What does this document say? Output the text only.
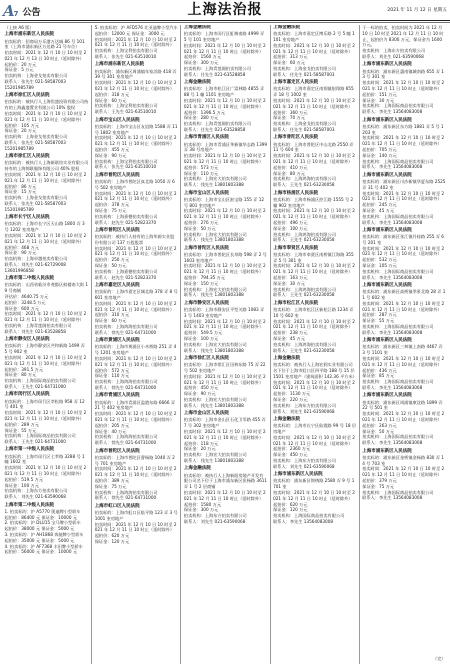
A 7 公告	上海法治报	2021 年 11 月 12 日 星期五

（上接 A6 版）

上海市浦东新区人民法院

拍卖标的：招商局万乐港万达城 86 号 101 室（上海市浦东新区万达路 21 号车位）

拍卖时间：2021 年 12 月 10 日 10 时至 2021 年 12 月 13 日 10 时止（延时除外）

起拍价：20 万元

保证金：5 万元

拍卖机构：上海金戈拍卖有限公司

联系人：张先生 021-58587003

15201985789

上海市徐汇区人民法院

拍卖标的：被执行人上海恒盛投资有限公司持有的上海鑫盛置业有限公司 10% 股权

拍卖时间：2021 年 12 月 10 日 10 时至 2021 年 12 月 11 日 10 时止（延时除外）

起拍价：105 万元

保证金：20 万元

拍卖机构：上海金戈拍卖有限公司

联系人：张先生 021-58587003

15201985789

上海市徐汇区人民法院

拍卖标的：被执行人上海新联纺实业有限公司持有的上海锦联服饰有限公司 40% 股权

拍卖时间：2021 年 12 月 10 日 10 时至 2021 年 12 月 11 日 10 时止（延时除外）

起拍价：86 万元

保证金：15 万元

拍卖机构：上海金戈拍卖有限公司

联系人：张先生 021-58587003

15201985789

上海市长宁区人民法院

拍卖标的：上海市长宁区天山路 1800 弄 3 号 1202 室房地产

拍卖时间：2021 年 12 月 10 日 10 时至 2021 年 12 月 11 日 10 时止（延时除外）

起拍价：468 万元

保证金：90 万元

拍卖机构：上海卓越拍卖有限公司

联系人：刘先生 021-62729008

13601996858

上海市第二中级人民法院

拍卖标的：山西省临汾市尧都区鼓楼南大街 19 号商铺

评估价：4640.75 万元

起拍价：3248.5 万元

保证金：600 万元

拍卖时间：2021 年 12 月 10 日 10 时至 2021 年 12 月 11 日 10 时止（延时除外）

拍卖机构：上海青莲阁拍卖有限公司

联系人：刘先生 021-63528858

上海市静安区人民法院

拍卖标的：上海市静安区共和新路 1499 弄 5 号 902 室

拍卖时间：2021 年 12 月 10 日 10 时至 2021 年 12 月 11 日 10 时止（延时除外）

起拍价：391.5 万元

保证金：80 万元

拍卖机构：上海国际商品拍卖有限公司

联系人：王先生 021-64731000

上海市闵行区人民法院

拍卖标的：上海市闵行区莘松路 958 弄 12 号 401 室

拍卖时间：2021 年 12 月 10 日 10 时至 2021 年 12 月 11 日 10 时止（延时除外）

起拍价：289 万元

保证金：55 万元

拍卖机构：上海国际商品拍卖有限公司

联系人：王先生 021-64731000

上海市第一中级人民法院

拍卖标的：上海市闵行区七莘路 3288 号 1 幢 1602 室

拍卖时间：2021 年 12 月 10 日 10 时至 2021 年 12 月 11 日 10 时止（延时除外）

起拍价：519.5 万元

保证金：100 万元

拍卖机构：上海东方拍卖有限公司

联系人：刘先生 021-63590068

上海市第二中级人民法院

1. 拍卖标的：沪 A5770 奥迪牌小型轿车

起拍价：86400 元 保证金：10000 元

2. 拍卖标的：沪 DLU15 宝马牌小型轿车

起拍价：38000 元 保证金：5000 元

3. 拍卖标的：沪 AH1868 奔驰牌小型轿车

起拍价：35000 元 保证金：5000 元

4. 拍卖标的：沪 AF7368 丰田牌小型轿车

起拍价：56000 元 保证金：10000 元

5. 拍卖标的：沪 AFD576 比亚迪牌小型汽车

起拍价：12000 元 保证金：3000 元

拍卖时间：2021 年 12 月 10 日 10 时至 2021 年 12 月 11 日 10 时止（延时除外）

拍卖机构：上海宝利拍卖有限公司

联系人：张先生 021-63510010

上海市浦东新区人民法院

拍卖标的：浦东新区周浦镇年家浜路 418 弄 39 号 301 室房地产

拍卖时间：2021 年 12 月 10 日 10 时至 2021 年 12 月 11 日 10 时止（延时除外）

起拍价：318 万元

保证金：60 万元

拍卖机构：上海宝利拍卖有限公司

联系人：王先生 021-63510010

上海市宝山区人民法院

拍卖标的：上海市宝山区友谊路 1588 弄 11 号 1802 室房地产

拍卖时间：2021 年 12 月 10 日 10 时至 2021 年 12 月 11 日 10 时止（延时除外）

起拍价：455 万元

保证金：90 万元

拍卖机构：上海宝利拍卖有限公司

联系人：张先生 021-63510010

上海市普陀区人民法院

拍卖标的：上海市普陀区真北路 1050 弄 6 号 502 室房地产

拍卖时间：2021 年 12 月 10 日 10 时至 2021 年 12 月 11 日 10 时止（延时除外）

起拍价：378 万元

保证金：75 万元

拍卖机构：上海嘉德拍卖有限公司

联系人：赵先生 021-52823370

上海市普陀区人民法院

拍卖标的：被执行人持有的上海华源实业股份有限公司 137 万股股票

拍卖时间：2021 年 12 月 10 日 10 时至 2021 年 12 月 11 日 10 时止（延时除外）

起拍价：250 万元

保证金：50 万元

拍卖机构：上海嘉德拍卖有限公司

联系人：赵先生 021-52823370

上海市嘉定区人民法院

拍卖标的：上海市嘉定区城北路 378 弄 8 号 601 室房地产

拍卖时间：2021 年 12 月 10 日 10 时至 2021 年 12 月 11 日 10 时止（延时除外）

起拍价：310 万元

保证金：60 万元

拍卖机构：上海鸿海拍卖有限公司

联系人：徐先生 021-64731000

上海市黄浦区人民法院

拍卖标的：上海市黄浦区小木桥路 251 弄 4 号 1201 室房地产

拍卖时间：2021 年 12 月 10 日 10 时至 2021 年 12 月 11 日 10 时止（延时除外）

起拍价：572 万元

保证金：110 万元

拍卖机构：上海鸿海拍卖有限公司

联系人：徐先生 021-64731000

上海市青浦区人民法院

拍卖标的：上海市青浦区盈港东路 6666 弄 21 号 402 室房地产

拍卖时间：2021 年 12 月 10 日 10 时至 2021 年 12 月 11 日 10 时止（延时除外）

起拍价：205 万元

保证金：40 万元

拍卖机构：上海鸿海拍卖有限公司

联系人：徐先生 021-64731000

上海市普陀区人民法院

拍卖标的：上海市普陀区曹杨路 1040 弄 2 号 701 室房地产

拍卖时间：2021 年 12 月 10 日 10 时至 2021 年 12 月 11 日 10 时止（延时除外）

起拍价：389 万元

保证金：75 万元

拍卖机构：上海鸿海拍卖有限公司

联系人：徐先生 021-64731000

上海市虹口区人民法院

拍卖标的：上海市虹口区临平路 123 弄 3 号 1001 室房地产

拍卖时间：2021 年 12 月 10 日 10 时至 2021 年 12 月 11 日 10 时止（延时除外）

起拍价：620 万元

保证金：120 万元

上海金融法院

拍卖标的：上海市闵行区虹梅南路 4999 弄 5 号 101 室房地产

拍卖时间：2021 年 12 月 10 日 10 时至 2021 年 12 月 11 日 10 时止（延时除外）

起拍价：1560 万元

保证金：300 万元

拍卖机构：上海青莲阁拍卖有限公司

联系人：任先生 021-63528858

上海金融法院

拍卖标的：上海市松江区广富林路 4855 弄 88 号 1 幢 1101 室房地产

拍卖时间：2021 年 12 月 10 日 10 时至 2021 年 12 月 11 日 10 时止（延时除外）

起拍价：1396.5 万元

保证金：280 万元

拍卖机构：上海青莲阁拍卖有限公司

联系人：任先生 021-63528858

上海市青浦区人民法院

拍卖标的：上海市青浦区华新镇华志路 1399 弄 38 号房地产

拍卖时间：2021 年 12 月 10 日 10 时至 2021 年 12 月 11 日 10 时止（延时除外）

起拍价：573 万元

保证金：110 万元

拍卖机构：上海宏大拍卖有限公司

联系人：钱先生 13801803388

上海市宝山区人民法院

拍卖标的：上海市宝山区淞宝路 155 弄 12 号 801 室房地产

拍卖时间：2021 年 12 月 10 日 10 时至 2021 年 12 月 11 日 10 时止（延时除外）

起拍价：276 万元

保证金：50 万元

拍卖机构：上海宏大拍卖有限公司

联系人：钱先生 13801803388

上海市普陀区人民法院

拍卖标的：上海市普陀区长寿路 598 弄 2 号 1603 室房地产

拍卖时间：2021 年 12 月 10 日 10 时至 2021 年 12 月 11 日 10 时止（延时除外）

起拍价：794.35 万元

保证金：150 万元

拍卖机构：上海宏大拍卖有限公司

联系人：钱先生 13801803388

上海市静安区人民法院

拍卖标的：上海市静安区平型关路 1083 弄 3 号 1403 室房地产

拍卖时间：2021 年 12 月 10 日 10 时至 2021 年 12 月 11 日 10 时止（延时除外）

起拍价：549.5 万元

保证金：100 万元

拍卖机构：上海宏大拍卖有限公司

联系人：钱先生 13801803388

上海市徐汇区人民法院

拍卖标的：上海市徐汇区田林东路 75 弄 22 号 502 室房地产

拍卖时间：2021 年 12 月 10 日 10 时至 2021 年 12 月 11 日 10 时止（延时除外）

起拍价：450 万元

保证金：90 万元

拍卖机构：上海宏大拍卖有限公司

联系人：钱先生 13801803388

上海市金山区人民法院

拍卖标的：上海市金山区石化卫零路 455 弄 7 号 302 室房地产

拍卖时间：2021 年 12 月 10 日 10 时至 2021 年 12 月 11 日 10 时止（延时除外）

起拍价：118 万元

保证金：20 万元

拍卖机构：上海宏大拍卖有限公司

联系人：钱先生 13801803388

上海金融法院

拍卖标的：被执行人上海新阳房地产开发有限公司名下位于上海市浦东新区张杨路 3611 弄 1 号 2 层商铺

拍卖时间：2021 年 12 月 10 日 10 时至 2021 年 12 月 11 日 10 时止（延时除外）

起拍价：1580 万元

保证金：300 万元

拍卖机构：上海东方拍卖有限公司

联系人：刘先生 021-63590068

上海金融法院

拍卖标的：上海市嘉定区博乐路 2 号 5 幢 1101 室房地产

拍卖时间：2021 年 12 月 10 日 10 时至 2021 年 12 月 11 日 10 时止（延时除外）

起拍价：313 万元

保证金：60 万元

拍卖机构：上海金戈拍卖有限公司

联系人：任先生 021-58587003

上海市嘉定区人民法院

拍卖标的：上海市嘉定区南翔镇银翔路 655 弄 18 号 1002 室

拍卖时间：2021 年 12 月 10 日 10 时至 2021 年 12 月 11 日 10 时止（延时除外）

起拍价：360 万元

保证金：70 万元

拍卖机构：上海金戈拍卖有限公司

联系人：任先生 021-58587003

上海市普陀区人民法院

拍卖标的：上海市普陀区中山北路 2550 弄 11 号 604 室

拍卖时间：2021 年 12 月 10 日 10 时至 2021 年 12 月 11 日 10 时止（延时除外）

起拍价：410 万元

保证金：80 万元

拍卖机构：上海鸿海拍卖有限公司

联系人：王先生 021-63230058

上海市杨浦区人民法院

拍卖标的：上海市杨浦区控江路 1555 号 2 幢 902 室房地产

拍卖时间：2021 年 12 月 10 日 10 时至 2021 年 12 月 11 日 10 时止（延时除外）

起拍价：496 万元

保证金：100 万元

拍卖机构：上海鸿海拍卖有限公司

联系人：王先生 021-63230058

上海市奉贤区人民法院

拍卖标的：上海市奉贤区南桥镇江海路 355 弄 5 号 301 室

拍卖时间：2021 年 12 月 10 日 10 时至 2021 年 12 月 11 日 10 时止（延时除外）

起拍价：163 万元

保证金：30 万元

拍卖机构：上海鸿海拍卖有限公司

联系人：王先生 021-63230058

上海市松江区人民法院

拍卖标的：上海市松江区新松江路 1234 弄 10 号 602 室

拍卖时间：2021 年 12 月 10 日 10 时至 2021 年 12 月 11 日 10 时止（延时除外）

起拍价：238 万元

保证金：45 万元

拍卖机构：上海鸿海拍卖有限公司

联系人：王先生 021-63230058

上海金融法院

拍卖标的：被执行人上海宏润实业有限公司名下位于上海市虹口区四平路 188 号 15 层 1501 室房地产（建筑面积 142.36 平方米）

拍卖时间：2021 年 12 月 10 日 10 时至 2021 年 12 月 11 日 10 时止（延时除外）

起拍价：1130 万元

保证金：220 万元

拍卖机构：上海东方拍卖有限公司

联系人：刘先生 021-63590068

上海金融法院

拍卖标的：上海市长宁区仙霞路 99 号 18 层房地产

拍卖时间：2021 年 12 月 10 日 10 时至 2021 年 12 月 11 日 10 时止（延时除外）

起拍价：2360 万元

保证金：450 万元

拍卖机构：上海东方拍卖有限公司

联系人：刘先生 021-63590068

上海市浦东新区人民法院

拍卖标的：浦东新区锦绣路 2580 弄 9 号 1701 室

拍卖时间：2021 年 12 月 10 日 10 时至 2021 年 12 月 11 日 10 时止（延时除外）

起拍价：620 万元

保证金：120 万元

拍卖机构：上海国际商品拍卖有限公司

联系人：李先生 13564083008

于一标的拍卖，拍卖时间为 2021 年 12 月 10 日 10 时至 2021 年 12 月 11 日 10 时止，起拍价为 8300 万元，保证金为 1600 万元。

拍卖机构：上海东方拍卖有限公司

联系人：刘先生 021-63590068

上海市浦东新区人民法院

拍卖标的：浦东新区惠南镇城南路 655 弄 13 号 301 室

拍卖时间：2021 年 12 月 10 日 10 时至 2021 年 12 月 11 日 10 时止（延时除外）

起拍价：151 万元

保证金：30 万元

拍卖机构：上海国际商品拍卖有限公司

联系人：李先生 13564083008

上海市浦东新区人民法院

拍卖标的：浦东新区东方路 1881 弄 5 号 1203 室

拍卖时间：2021 年 12 月 10 日 10 时至 2021 年 12 月 11 日 10 时止（延时除外）

起拍价：705 万元

保证金：140 万元

拍卖机构：上海国际商品拍卖有限公司

联系人：李先生 13564083008

上海市浦东新区人民法院

拍卖标的：浦东新区川沙新镇华夏东路 2525 弄 31 号 402 室

拍卖时间：2021 年 12 月 10 日 10 时至 2021 年 12 月 11 日 10 时止（延时除外）

起拍价：245 万元

保证金：45 万元

拍卖机构：上海国际商品拍卖有限公司

联系人：李先生 13564083008

上海市浦东新区人民法院

拍卖标的：浦东新区张江镇丹桂路 255 弄 6 号 201 室

拍卖时间：2021 年 12 月 10 日 10 时至 2021 年 12 月 11 日 10 时止（延时除外）

起拍价：532 万元

保证金：105 万元

拍卖机构：上海国际商品拍卖有限公司

联系人：李先生 13564083008

上海市浦东新区人民法院

拍卖标的：浦东新区高桥镇季景北路 28 弄 11 号 602 室

拍卖时间：2021 年 12 月 10 日 10 时至 2021 年 12 月 11 日 10 时止（延时除外）

起拍价：287 万元

保证金：55 万元

拍卖机构：上海国际商品拍卖有限公司

联系人：李先生 13564083008

上海市浦东新区人民法院

拍卖标的：浦东新区三林镇上南路 4467 弄 3 号 1101 室

拍卖时间：2021 年 12 月 10 日 10 时至 2021 年 12 月 11 日 10 时止（延时除外）

起拍价：436 万元

保证金：85 万元

拍卖机构：上海国际商品拍卖有限公司

联系人：李先生 13564083008

上海市浦东新区人民法院

拍卖标的：浦东新区周浦镇康沈路 1899 弄 22 号 501 室

拍卖时间：2021 年 12 月 10 日 10 时至 2021 年 12 月 11 日 10 时止（延时除外）

起拍价：263 万元

保证金：50 万元

拍卖机构：上海国际商品拍卖有限公司

联系人：李先生 13564083008

上海市浦东新区人民法院

拍卖标的：浦东新区金桥镇金杨路 830 弄 14 号 703 室

拍卖时间：2021 年 12 月 10 日 10 时至 2021 年 12 月 11 日 10 时止（延时除外）

起拍价：379 万元

保证金：75 万元

拍卖机构：上海国际商品拍卖有限公司

联系人：李先生 13564083008

（完）
